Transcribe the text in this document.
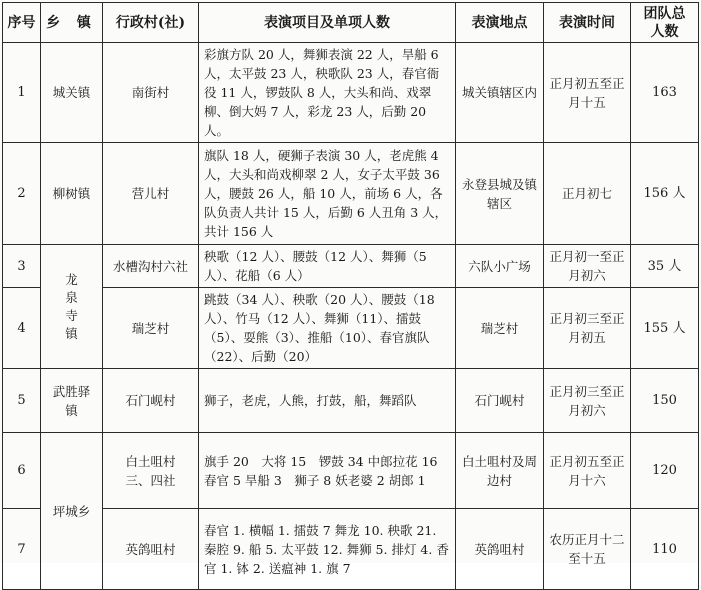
序号	乡 镇	行政村(社)	表演项目及单项人数	表演地点	表演时间	团队总人数
1	城关镇	南街村	彩旗方队 20 人，舞狮表演 22 人，旱船 6 人，太平鼓 23 人，秧歌队 23 人，春官衙役 11 人，锣鼓队 8 人，大头和尚、戏翠柳、倒大妈 7 人，彩龙 23 人，后勤 20 人。	城关镇辖区内	正月初五至正月十五	163
2	柳树镇	营儿村	旗队 18 人，硬狮子表演 30 人，老虎熊 4 人，大头和尚戏柳翠 2 人，女子太平鼓 36 人，腰鼓 26 人，船 10 人，前场 6 人，各队负责人共计 15 人，后勤 6 人丑角 3 人，共计 156 人	永登县城及镇辖区	正月初七	156 人
3	龙泉寺镇	水槽沟村六社	秧歌（12 人）、腰鼓（12 人）、舞狮（5 人）、花船（6 人）	六队小广场	正月初一至正月初六	35 人
4		瑞芝村	跳鼓（34 人）、秧歌（20 人）、腰鼓（18 人）、竹马（12 人）、舞狮（11）、擂鼓（5）、耍熊（3）、推船（10）、春官旗队（22）、后勤（20）	瑞芝村	正月初三至正月初五	155 人
5	武胜驿镇	石门岘村	狮子，老虎，人熊，打鼓，船，舞蹈队	石门岘村	正月初三至正月初六	150
6	坪城乡	白土咀村三、四社	旗手 20　大将 15　锣鼓 34 中郎拉花 16 春官 5 旱船 3　狮子 8 妖老婆 2 胡郎 1	白土咀村及周边村	正月初五至正月十六	120
7		英鸽咀村	春官 1. 横幅 1. 擂鼓 7 舞龙 10. 秧歌 21. 秦腔 9. 船 5. 太平鼓 12. 舞狮 5. 排灯 4. 香官 1. 钵 2. 送瘟神 1. 旗 7	英鸽咀村	农历正月十二至十五	110
